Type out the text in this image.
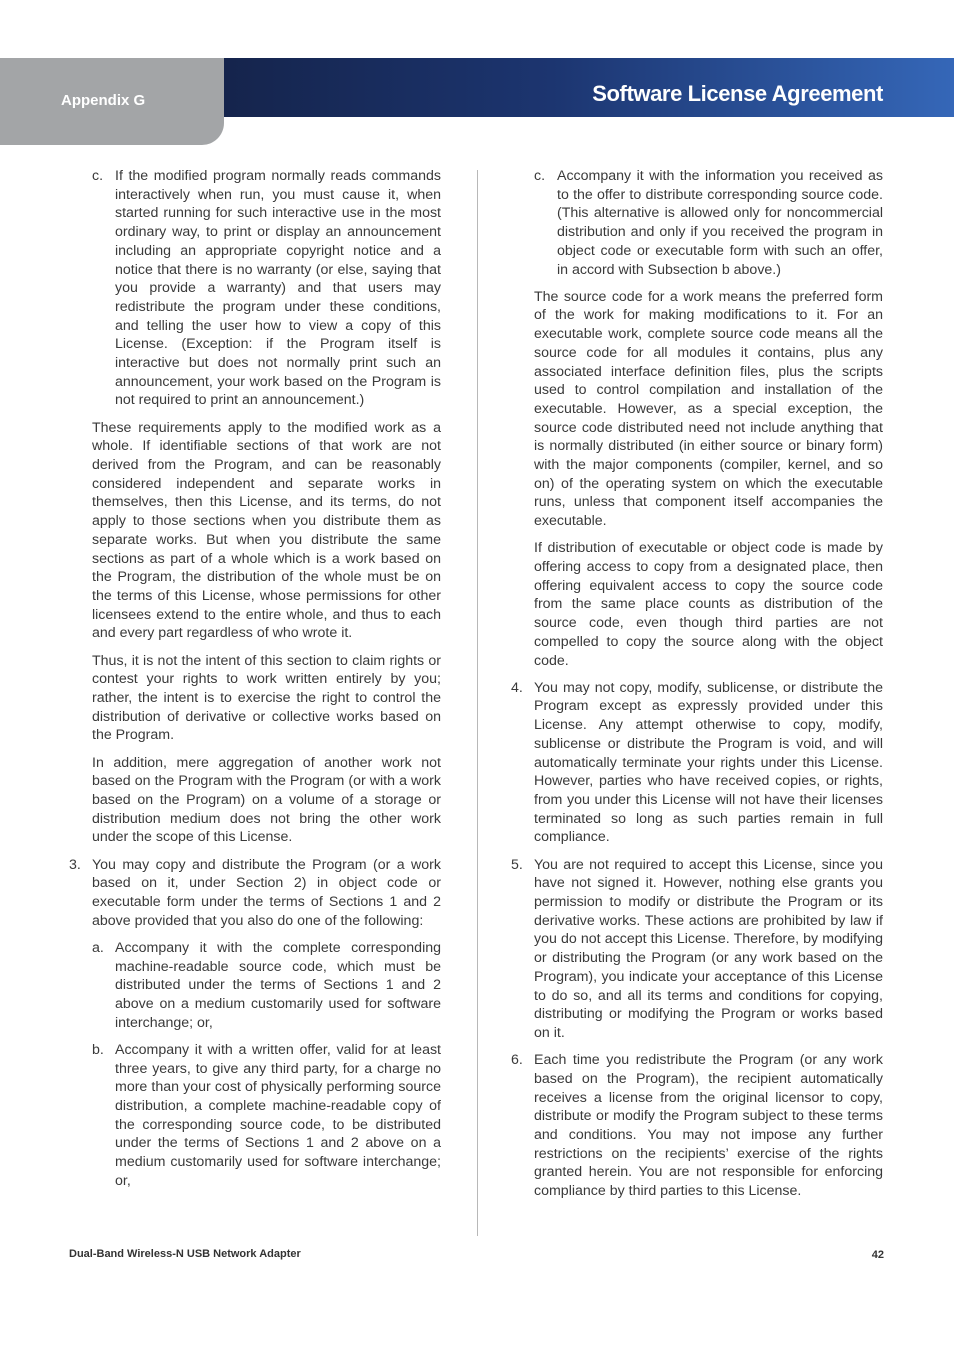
Appendix G	Software License Agreement
c. If the modified program normally reads commands interactively when run, you must cause it, when started running for such interactive use in the most ordinary way, to print or display an announcement including an appropriate copyright notice and a notice that there is no warranty (or else, saying that you provide a warranty) and that users may redistribute the program under these conditions, and telling the user how to view a copy of this License. (Exception: if the Program itself is interactive but does not normally print such an announcement, your work based on the Program is not required to print an announcement.)

These requirements apply to the modified work as a whole. If identifiable sections of that work are not derived from the Program, and can be reasonably considered independent and separate works in themselves, then this License, and its terms, do not apply to those sections when you distribute them as separate works. But when you distribute the same sections as part of a whole which is a work based on the Program, the distribution of the whole must be on the terms of this License, whose permissions for other licensees extend to the entire whole, and thus to each and every part regardless of who wrote it.

Thus, it is not the intent of this section to claim rights or contest your rights to work written entirely by you; rather, the intent is to exercise the right to control the distribution of derivative or collective works based on the Program.

In addition, mere aggregation of another work not based on the Program with the Program (or with a work based on the Program) on a volume of a storage or distribution medium does not bring the other work under the scope of this License.

3. You may copy and distribute the Program (or a work based on it, under Section 2) in object code or executable form under the terms of Sections 1 and 2 above provided that you also do one of the following:

a. Accompany it with the complete corresponding machine-readable source code, which must be distributed under the terms of Sections 1 and 2 above on a medium customarily used for software interchange; or,

b. Accompany it with a written offer, valid for at least three years, to give any third party, for a charge no more than your cost of physically performing source distribution, a complete machine-readable copy of the corresponding source code, to be distributed under the terms of Sections 1 and 2 above on a medium customarily used for software interchange; or,

c. Accompany it with the information you received as to the offer to distribute corresponding source code. (This alternative is allowed only for noncommercial distribution and only if you received the program in object code or executable form with such an offer, in accord with Subsection b above.)

The source code for a work means the preferred form of the work for making modifications to it. For an executable work, complete source code means all the source code for all modules it contains, plus any associated interface definition files, plus the scripts used to control compilation and installation of the executable. However, as a special exception, the source code distributed need not include anything that is normally distributed (in either source or binary form) with the major components (compiler, kernel, and so on) of the operating system on which the executable runs, unless that component itself accompanies the executable.

If distribution of executable or object code is made by offering access to copy from a designated place, then offering equivalent access to copy the source code from the same place counts as distribution of the source code, even though third parties are not compelled to copy the source along with the object code.

4. You may not copy, modify, sublicense, or distribute the Program except as expressly provided under this License. Any attempt otherwise to copy, modify, sublicense or distribute the Program is void, and will automatically terminate your rights under this License. However, parties who have received copies, or rights, from you under this License will not have their licenses terminated so long as such parties remain in full compliance.

5. You are not required to accept this License, since you have not signed it. However, nothing else grants you permission to modify or distribute the Program or its derivative works. These actions are prohibited by law if you do not accept this License. Therefore, by modifying or distributing the Program (or any work based on the Program), you indicate your acceptance of this License to do so, and all its terms and conditions for copying, distributing or modifying the Program or works based on it.

6. Each time you redistribute the Program (or any work based on the Program), the recipient automatically receives a license from the original licensor to copy, distribute or modify the Program subject to these terms and conditions. You may not impose any further restrictions on the recipients’ exercise of the rights granted herein. You are not responsible for enforcing compliance by third parties to this License.

Dual-Band Wireless-N USB Network Adapter	42
